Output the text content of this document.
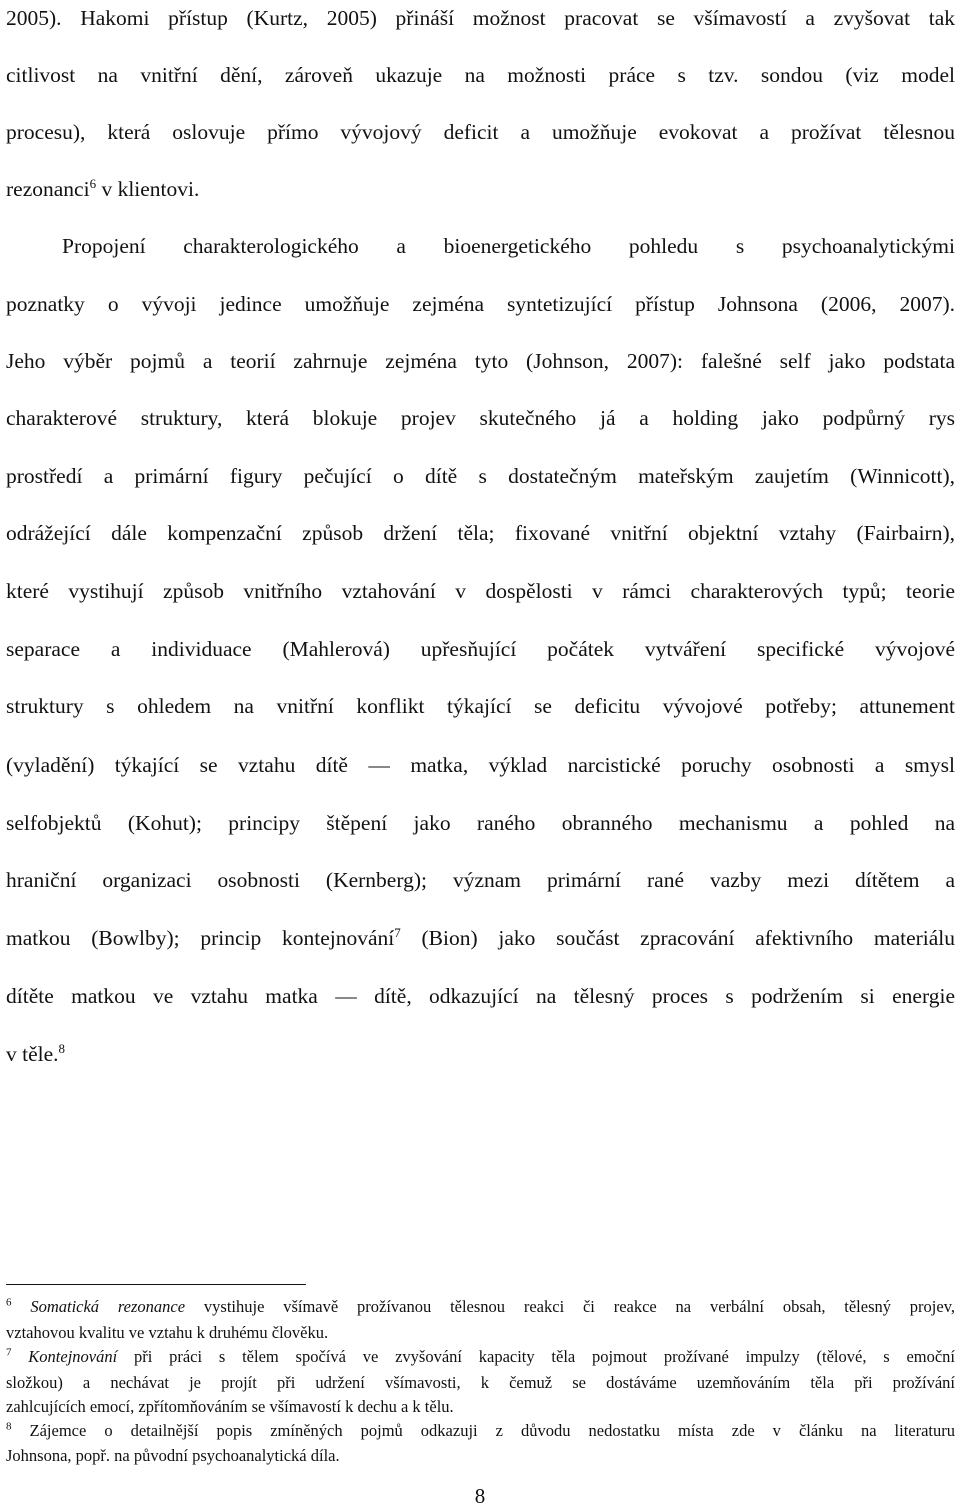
2005). Hakomi přístup (Kurtz, 2005) přináší možnost pracovat se všímavostí a zvyšovat tak
citlivost na vnitřní dění, zároveň ukazuje na možnosti práce s tzv. sondou (viz model
procesu), která oslovuje přímo vývojový deficit a umožňuje evokovat a prožívat tělesnou
rezonanci$^6$ v klientovi.
Propojení charakterologického a bioenergetického pohledu s psychoanalytickými
poznatky o vývoji jedince umožňuje zejména syntetizující přístup Johnsona (2006, 2007).
Jeho výběr pojmů a teorií zahrnuje zejména tyto (Johnson, 2007): falešné self jako podstata
charakterové struktury, která blokuje projev skutečného já a holding jako podpůrný rys
prostředí a primární figury pečující o dítě s dostatečným mateřským zaujetím (Winnicott),
odrážející dále kompenzační způsob držení těla; fixované vnitřní objektní vztahy (Fairbairn),
které vystihují způsob vnitřního vztahování v dospělosti v rámci charakterových typů; teorie
separace a individuace (Mahlerová) upřesňující počátek vytváření specifické vývojové
struktury s ohledem na vnitřní konflikt týkající se deficitu vývojové potřeby; attunement
(vyladění) týkající se vztahu dítě — matka, výklad narcistické poruchy osobnosti a smysl
selfobjektů (Kohut); principy štěpení jako raného obranného mechanismu a pohled na
hraniční organizaci osobnosti (Kernberg); význam primární rané vazby mezi dítětem a
matkou (Bowlby); princip kontejnování$^7$ (Bion) jako součást zpracování afektivního materiálu
dítěte matkou ve vztahu matka — dítě, odkazující na tělesný proces s podržením si energie
v těle.$^8$
$^6$ Somatická rezonance vystihuje všímavě prožívanou tělesnou reakci či reakce na verbální obsah, tělesný projev,
vztahovou kvalitu ve vztahu k druhému člověku.
$^7$ Kontejnování při práci s tělem spočívá ve zvyšování kapacity těla pojmout prožívané impulzy (tělové, s emoční
složkou) a nechávat je projít při udržení všímavosti, k čemuž se dostáváme uzemňováním těla při prožívání
zahlcujících emocí, zpřítomňováním se všímavostí k dechu a k tělu.
$^8$ Zájemce o detailnější popis zmíněných pojmů odkazuji z důvodu nedostatku místa zde v článku na literaturu
Johnsona, popř. na původní psychoanalytická díla.
8
